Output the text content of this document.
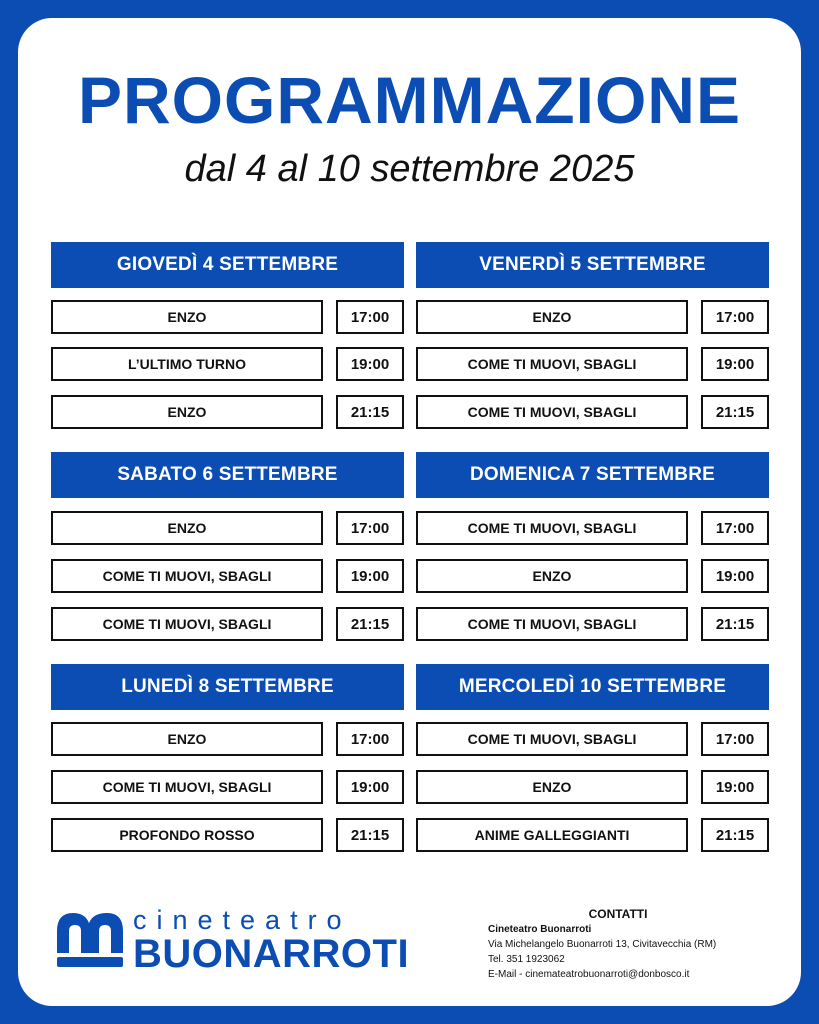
PROGRAMMAZIONE
dal 4 al 10 settembre 2025
GIOVEDÌ 4 SETTEMBRE
ENZO	17:00
L’ULTIMO TURNO	19:00
ENZO	21:15
VENERDÌ 5 SETTEMBRE
ENZO	17:00
COME TI MUOVI, SBAGLI	19:00
COME TI MUOVI, SBAGLI	21:15
SABATO 6 SETTEMBRE
ENZO	17:00
COME TI MUOVI, SBAGLI	19:00
COME TI MUOVI, SBAGLI	21:15
DOMENICA 7 SETTEMBRE
COME TI MUOVI, SBAGLI	17:00
ENZO	19:00
COME TI MUOVI, SBAGLI	21:15
LUNEDÌ 8 SETTEMBRE
ENZO	17:00
COME TI MUOVI, SBAGLI	19:00
PROFONDO ROSSO	21:15
MERCOLEDÌ 10 SETTEMBRE
COME TI MUOVI, SBAGLI	17:00
ENZO	19:00
ANIME GALLEGGIANTI	21:15
cineteatro
BUONARROTI
CONTATTI
Cineteatro Buonarroti
Via Michelangelo Buonarroti 13, Civitavecchia (RM)
Tel. 351 1923062
E-Mail - cinemateatrobuonarroti@donbosco.it
